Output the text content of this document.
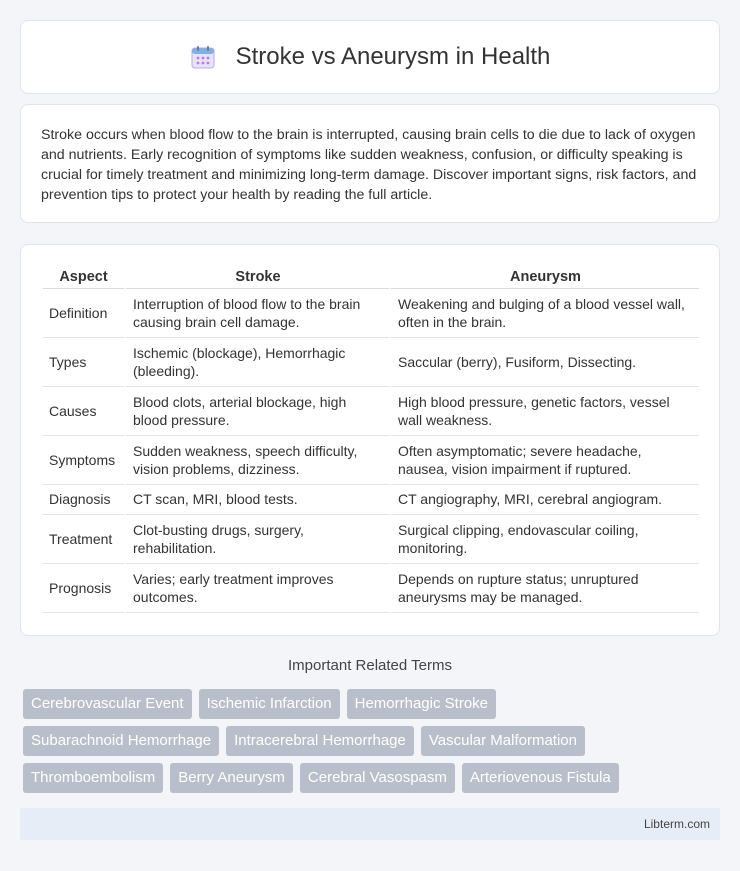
Stroke vs Aneurysm in Health

Stroke occurs when blood flow to the brain is interrupted, causing brain cells to die due to lack of oxygen and nutrients. Early recognition of symptoms like sudden weakness, confusion, or difficulty speaking is crucial for timely treatment and minimizing long-term damage. Discover important signs, risk factors, and prevention tips to protect your health by reading the full article.

Aspect	Stroke	Aneurysm
Definition	Interruption of blood flow to the brain causing brain cell damage.	Weakening and bulging of a blood vessel wall, often in the brain.
Types	Ischemic (blockage), Hemorrhagic (bleeding).	Saccular (berry), Fusiform, Dissecting.
Causes	Blood clots, arterial blockage, high blood pressure.	High blood pressure, genetic factors, vessel wall weakness.
Symptoms	Sudden weakness, speech difficulty, vision problems, dizziness.	Often asymptomatic; severe headache, nausea, vision impairment if ruptured.
Diagnosis	CT scan, MRI, blood tests.	CT angiography, MRI, cerebral angiogram.
Treatment	Clot-busting drugs, surgery, rehabilitation.	Surgical clipping, endovascular coiling, monitoring.
Prognosis	Varies; early treatment improves outcomes.	Depends on rupture status; unruptured aneurysms may be managed.
Important Related Terms
Cerebrovascular Event	Ischemic Infarction	Hemorrhagic Stroke
Subarachnoid Hemorrhage	Intracerebral Hemorrhage	Vascular Malformation
Thromboembolism	Berry Aneurysm	Cerebral Vasospasm	Arteriovenous Fistula
Libterm.com
